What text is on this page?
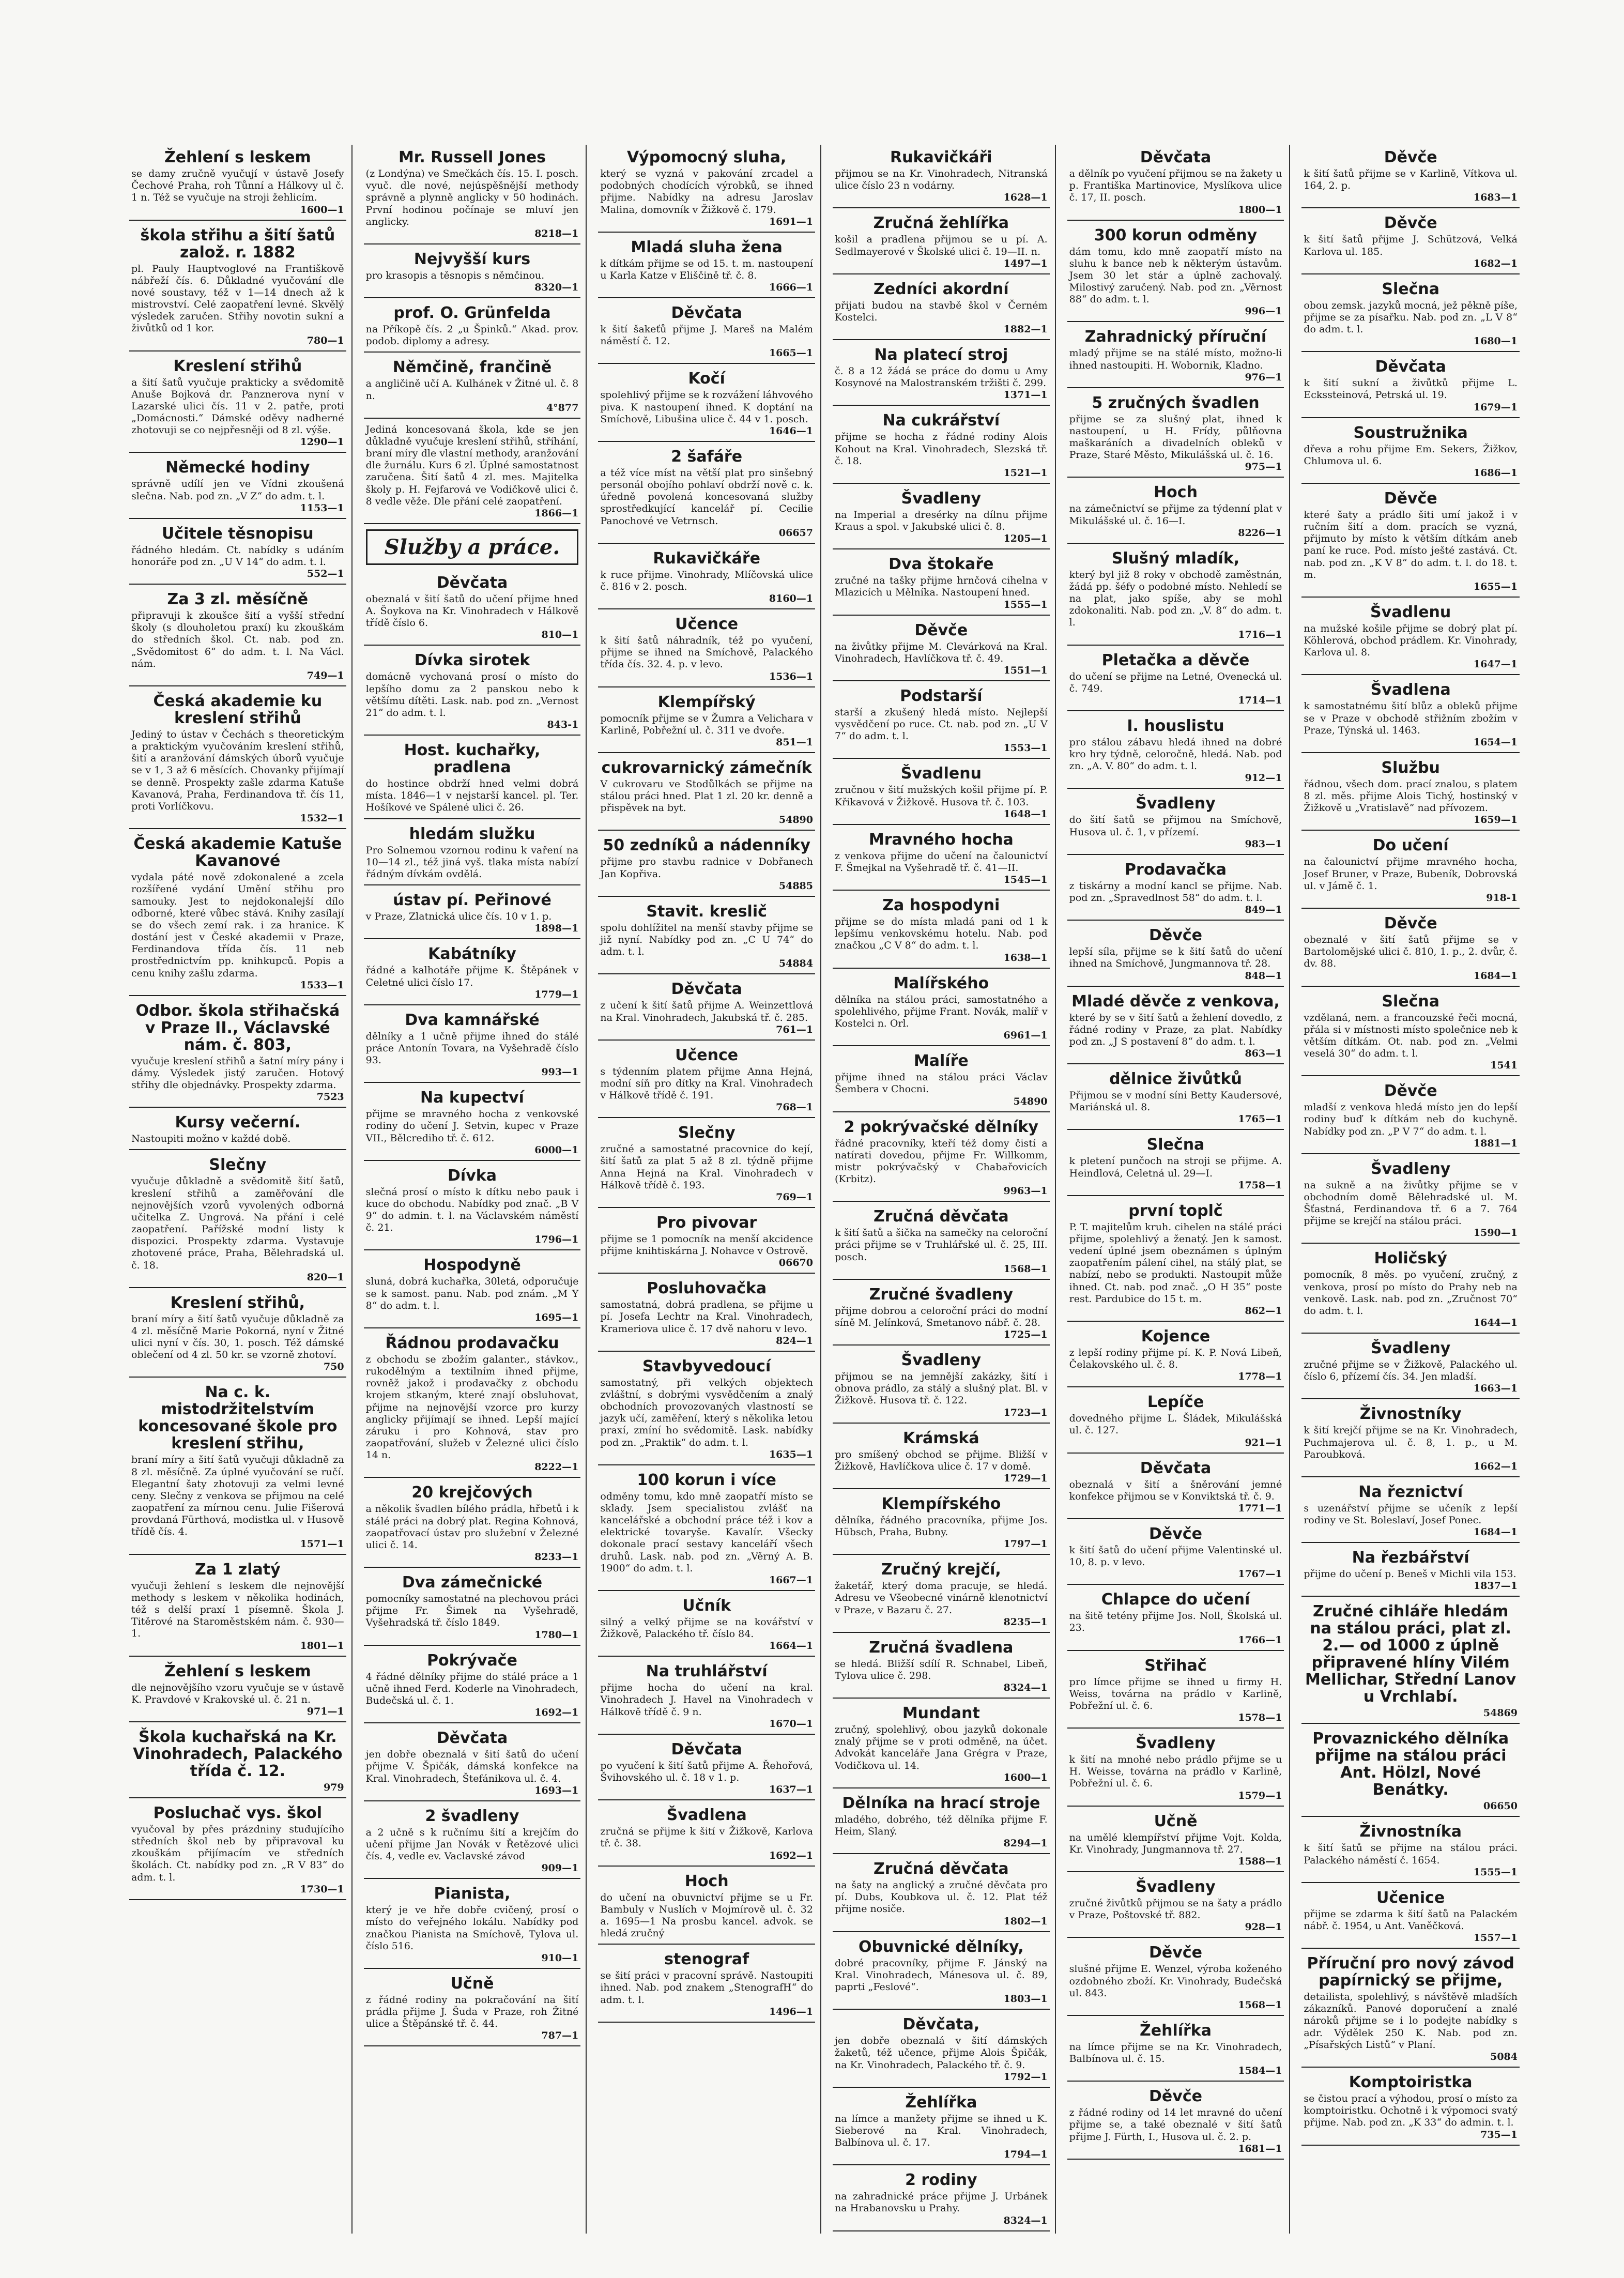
Žehlení s leskem
se damy zručně vyučují v ústavě Josefy Čechové Praha, roh Tůnní a Hálkovy ul č. 1 n. Též se vyučuje na stroji žehlicím.
1600—1
škola střihu a šití šatů založ. r. 1882
pl. Pauly Hauptvoglové na Františkově nábřeží čís. 6. Důkladné vyučování dle nové soustavy, též v 1—14 dnech až k mistrovství. Celé zaopatření levné. Skvělý výsledek zaručen. Střihy novotin sukní a živůtků od 1 kor.
780—1
Kreslení střihů
a šití šatů vyučuje prakticky a svědomitě Anuše Bojková dr. Panznerova nyní v Lazarské ulici čís. 11 v 2. patře, proti „Domácnosti.“ Dámské oděvy nadherné zhotovuji se co nejpřesněji od 8 zl. výše.
1290—1
Německé hodiny
správně udílí jen ve Vídni zkoušená slečna. Nab. pod zn. „V Z“ do adm. t. l.
1153—1
Učitele těsnopisu
řádného hledám. Ct. nabídky s udáním honoráře pod zn. „U V 14“ do adm. t. l.
552—1
Za 3 zl. měsíčně
připravuji k zkoušce šití a vyšší střední školy (s dlouholetou praxí) ku zkouškám do středních škol. Ct. nab. pod zn. „Svědomitost 6“ do adm. t. l. Na Václ. nám.
749—1
Česká akademie ku kreslení střihů
Jediný to ústav v Čechách s theoretickým a praktickým vyučováním kreslení střihů, šití a aranžování dámských úborů vyučuje se v 1, 3 až 6 měsících. Chovanky přijímají se denně. Prospekty zašle zdarma Katuše Kavanová, Praha, Ferdinandova tř. čís 11, proti Vorlíčkovu.
1532—1
Česká akademie Katuše Kavanové
vydala páté nově zdokonalené a zcela rozšířené vydání Umění střihu pro samouky. Jest to nejdokonalejší dílo odborné, které vůbec stává. Knihy zasílají se do všech zemí rak. i za hranice. K dostání jest v České akademii v Praze, Ferdinandova třída čís. 11 neb prostřednictvím pp. knihkupců. Popis a cenu knihy zašlu zdarma.
1533—1
Odbor. škola střihačská v Praze II., Václavské nám. č. 803,
vyučuje kreslení střihů a šatní míry pány i dámy. Výsledek jistý zaručen. Hotový střihy dle objednávky. Prospekty zdarma.
7523
Kursy večerní.
Nastoupiti možno v každé době.
Slečny
vyučuje důkladně a svědomitě šití šatů, kreslení střihů a zaměřování dle nejnovějších vzorů vyvolených odborná učitelka Z. Ungrová. Na přání i celé zaopatření. Pařížské modní listy k dispozici. Prospekty zdarma. Vystavuje zhotovené práce, Praha, Bělehradská ul. č. 18.
820—1
Kreslení střihů,
braní míry a šití šatů vyučuje důkladně za 4 zl. měsíčně Marie Pokorná, nyní v Žitné ulici nyní v čís. 30, 1. posch. Též dámské oblečení od 4 zl. 50 kr. se vzorně zhotoví.
750
Na c. k. mistodržitelstvím koncesované škole pro kreslení střihu,
braní míry a šití šatů vyučuji důkladně za 8 zl. měsíčně. Za úplné vyučování se ručí. Elegantní šaty zhotovuji za velmi levné ceny. Slečny z venkova se přijmou na celé zaopatření za mírnou cenu. Julie Fišerová provdaná Fürthová, modistka ul. v Husově třídě čís. 4.
1571—1
Za 1 zlatý
vyučuji žehlení s leskem dle nejnovější methody s leskem v několika hodinách, též s delší praxí 1 písemně. Škola J. Titěrové na Staroměstském nám. č. 930—1.
1801—1
Žehlení s leskem
dle nejnovějšího vzoru vyučuje se v ústavě K. Pravdové v Krakovské ul. č. 21 n.
971—1
Škola kuchařská na Kr. Vinohradech, Palackého třída č. 12.
979
Posluchač vys. škol
vyučoval by přes prázdniny studujícího středních škol neb by připravoval ku zkouškám přijímacím ve středních školách. Ct. nabídky pod zn. „R V 83“ do adm. t. l.
1730—1
Mr. Russell Jones
(z Londýna) ve Smečkách čís. 15. I. posch. vyuč. dle nové, nejúspěšnější methody správně a plynně anglicky v 50 hodinách. První hodinou počínaje se mluví jen anglicky.
8218—1
Nejvyšší kurs
pro krasopis a těsnopis s němčinou.
8320—1
prof. O. Grünfelda
na Příkopě čís. 2 „u Špinků.“ Akad. prov. podob. diplomy a adresy.
Němčině, frančině
a angličině učí A. Kulhánek v Žitné ul. č. 8 n.
4°877
Jediná koncesovaná škola, kde se jen důkladně vyučuje kreslení střihů, stříhání, braní míry dle vlastní methody, aranžování dle žurnálu. Kurs 6 zl. Úplné samostatnost zaručena. Šití šatů 4 zl. mes. Majitelka školy p. H. Fejfarová ve Vodičkově ulici č. 8 vedle věže. Dle přání celé zaopatření.
1866—1
Služby a práce.
Děvčata
obeznalá v šití šatů do učení přijme hned A. Šoykova na Kr. Vinohradech v Hálkově třídě číslo 6.
810—1
Dívka sirotek
domácně vychovaná prosí o místo do lepšího domu za 2 panskou nebo k většímu dítěti. Lask. nab. pod zn. „Vernost 21“ do adm. t. l.
843-1
Host. kuchařky, pradlena
do hostince obdrží hned velmi dobrá místa. 1846—1 v nejstarší kancel. pl. Ter. Hošíkové ve Spálené ulici č. 26.
hledám služku
Pro Solnemou vzornou rodinu k vaření na 10—14 zl., též jiná vyš. tlaka místa nabízí řádným dívkám ovdělá.
ústav pí. Peřinové
v Praze, Zlatnická ulice čís. 10 v 1. p.
1898—1
Kabátníky
řádné a kalhotáře přijme K. Štěpánek v Celetné ulici číslo 17.
1779—1
Dva kamnářské
dělníky a 1 učně přijme ihned do stálé práce Antonín Tovara, na Vyšehradě číslo 93.
993—1
Na kupectví
přijme se mravného hocha z venkovské rodiny do učení J. Setvin, kupec v Praze VII., Bělcrediho tř. č. 612.
6000—1
Dívka
slečná prosí o místo k dítku nebo pauk i kuce do obchodu. Nabídky pod znač. „B V 9“ do admin. t. l. na Václavském náměstí č. 21.
1796—1
Hospodyně
sluná, dobrá kuchařka, 30letá, odporučuje se k samost. panu. Nab. pod znám. „M Y 8“ do adm. t. l.
1695—1
Řádnou prodavačku
z obchodu se zbožím galanter., stávkov., rukodělným a textilním ihned přijme, rovněž jakož i prodavačky z obchodu krojem stkaným, které znají obsluhovat, přijme na nejnovější vzorce pro kurzy anglicky přijímají se ihned. Lepší mající záruku i pro Kohnová, stav pro zaopatřování, služeb v Železné ulici číslo 14 n.
8222—1
20 krejčových
a několik švadlen bílého prádla, hřbetů i k stálé práci na dobrý plat. Regina Kohnová, zaopatřovací ústav pro služební v Železné ulici č. 14.
8233—1
Dva zámečnické
pomocníky samostatné na plechovou práci přijme Fr. Šimek na Vyšehradě, Vyšehradská tř. číslo 1849.
1780—1
Pokrývače
4 řádné dělníky přijme do stálé práce a 1 učně ihned Ferd. Koderle na Vinohradech, Budečská ul. č. 1.
1692—1
Děvčata
jen dobře obeznalá v šití šatů do učení přijme V. Špičák, dámská konfekce na Kral. Vinohradech, Štefánikova ul. č. 4.
1693—1
2 švadleny
a 2 učně s k ručnímu šití a krejčím do učení přijme Jan Novák v Řetězové ulici čís. 4, vedle ev. Vaclavské závod
909—1
Pianista,
který je ve hře dobře cvičený, prosí o místo do veřejného lokálu. Nabídky pod značkou Pianista na Smíchově, Tylova ul. číslo 516.
910—1
Učně
z řádné rodiny na pokračování na šití prádla přijme J. Šuda v Praze, roh Žitné ulice a Štěpánské tř. č. 44.
787—1
Výpomocný sluha,
který se vyzná v pakování zrcadel a podobných chodících výrobků, se ihned přijme. Nabídky na adresu Jaroslav Malina, domovník v Žižkově č. 179.
1691—1
Mladá sluha žena
k dítkám přijme se od 15. t. m. nastoupení u Karla Katze v Eliščině tř. č. 8.
1666—1
Děvčata
k šití šakeťů přijme J. Mareš na Malém náměstí č. 12.
1665—1
Kočí
spolehlivý přijme se k rozvážení láhvového piva. K nastoupení ihned. K doptání na Smíchově, Libušina ulice č. 44 v 1. posch.
1646—1
2 šafáře
a též více míst na větší plat pro sinšebný personál obojího pohlaví obdrží nově c. k. úředně povolená koncesovaná služby sprostředkující kancelář pí. Cecilie Panochové ve Vetrnsch.
06657
Rukavičkáře
k ruce přijme. Vinohrady, Mlíčovská ulice č. 816 v 2. posch.
8160—1
Učence
k šití šatů náhradník, též po vyučení, přijme se ihned na Smíchově, Palackého třída čís. 32. 4. p. v levo.
1536—1
Klempířský
pomocník přijme se v Žumra a Velichara v Karlině, Pobřežní ul. č. 311 ve dvoře.
851—1
cukrovarnický zámečník
V cukrovaru ve Stodůlkách se přijme na stálou práci hned. Plat 1 zl. 20 kr. denně a přispěvek na byt.
54890
50 zedníků a nádenníky
přijme pro stavbu radnice v Dobřanech Jan Kopřiva.
54885
Stavit. kreslič
spolu dohlížitel na menší stavby přijme se již nyní. Nabídky pod zn. „C U 74“ do adm. t. l.
54884
Děvčata
z učení k šití šatů přijme A. Weinzettlová na Kral. Vinohradech, Jakubská tř. č. 285.
761—1
Učence
s týdenním platem přijme Anna Hejná, modní síň pro dítky na Kral. Vinohradech v Hálkově třídě č. 191.
768—1
Slečny
zručné a samostatné pracovnice do kejí, šití šatů za plat 5 až 8 zl. týdně přijme Anna Hejná na Kral. Vinohradech v Hálkově třídě č. 193.
769—1
Pro pivovar
přijme se 1 pomocník na menší akcidence přijme knihtiskárna J. Nohavce v Ostrově.
06670
Posluhovačka
samostatná, dobrá pradlena, se přijme u pí. Josefa Lechtr na Kral. Vinohradech, Krameriova ulice č. 17 dvě nahoru v levo.
824—1
Stavbyvedoucí
samostatný, při velkých objektech zvláštní, s dobrými vysvědčením a znalý obchodních provozovaných vlastností se jazyk učí, zaměření, který s několika letou praxí, zmíní ho svědomitě. Lask. nabídky pod zn. „Praktik“ do adm. t. l.
1635—1
100 korun i více
odměny tomu, kdo mně zaopatří místo se sklady. Jsem specialistou zvlášť na kancelářské a obchodní práce též i kov a elektrické tovaryše. Kavalír. Všecky dokonale prací sestavy kanceláří všech druhů. Lask. nab. pod zn. „Věrný A. B. 1900“ do adm. t. l.
1667—1
Učník
silný a velký přijme se na kovářství v Žižkově, Palackého tř. číslo 84.
1664—1
Na truhlářství
přijme hocha do učení na kral. Vinohradech J. Havel na Vinohradech v Hálkově třídě č. 9 n.
1670—1
Děvčata
po vyučení k šití šatů přijme A. Řehořová, Švihovského ul. č. 18 v 1. p.
1637—1
Švadlena
zručná se přijme k šití v Žižkově, Karlova tř. č. 38.
1692—1
Hoch
do učení na obuvnictví přijme se u Fr. Bambuly v Nuslích v Mojmírově ul. č. 32 a. 1695—1 Na prosbu kancel. advok. se hledá zručný
stenograf
se šití práci v pracovní správě. Nastoupiti ihned. Nab. pod znakem „StenografH“ do adm. t. l.
1496—1
Rukavičkáři
přijmou se na Kr. Vinohradech, Nitranská ulice číslo 23 n vodárny.
1628—1
Zručná žehlířka
košil a pradlena přijmou se u pí. A. Sedlmayerové v Školské ulici č. 19—II. n.
1497—1
Zedníci akordní
přijati budou na stavbě škol v Černém Kostelci.
1882—1
Na platecí stroj
č. 8 a 12 žádá se práce do domu u Amy Kosynové na Malostranském tržišti č. 299.
1371—1
Na cukrářství
přijme se hocha z řádné rodiny Alois Kohout na Kral. Vinohradech, Slezská tř. č. 18.
1521—1
Švadleny
na Imperial a dresérky na dílnu přijme Kraus a spol. v Jakubské ulici č. 8.
1205—1
Dva štokaře
zručné na tašky přijme hrnčová cihelna v Mlazicích u Mělníka. Nastoupení hned.
1555—1
Děvče
na živůtky přijme M. Clevárková na Kral. Vinohradech, Havlíčkova tř. č. 49.
1551—1
Podstarší
starší a zkušený hledá místo. Nejlepší vysvědčení po ruce. Ct. nab. pod zn. „U V 7“ do adm. t. l.
1553—1
Švadlenu
zručnou v šití mužských košil přijme pí. P. Křikavová v Žižkově. Husova tř. č. 103.
1648—1
Mravného hocha
z venkova přijme do učení na čalounictví F. Šmejkal na Vyšehradě tř. č. 41—II.
1545—1
Za hospodyni
přijme se do místa mladá pani od 1 k lepšímu venkovskému hotelu. Nab. pod značkou „C V 8“ do adm. t. l.
1638—1
Malířského
dělníka na stálou práci, samostatného a spolehlivého, přijme Frant. Novák, malíř v Kostelci n. Orl.
6961—1
Malíře
přijme ihned na stálou práci Václav Šembera v Chocni.
54890
2 pokrývačské dělníky
řádné pracovníky, kteří též domy čistí a natírati dovedou, přijme Fr. Willkomm, mistr pokrývačský v Chabařovicích (Krbitz).
9963—1
Zručná děvčata
k šití šatů a šička na samečky na celoroční práci přijme se v Truhlářské ul. č. 25, III. posch.
1568—1
Zručné švadleny
přijme dobrou a celoroční práci do modní síně M. Jelínková, Smetanovo nábř. č. 28.
1725—1
Švadleny
přijmou se na jemnější zakázky, šití i obnova prádlo, za stálý a slušný plat. Bl. v Žižkově. Husova tř. č. 122.
1723—1
Krámská
pro smíšený obchod se přijme. Bližší v Žižkově, Havlíčkova ulice č. 17 v domě.
1729—1
Klempířského
dělníka, řádného pracovníka, přijme Jos. Hübsch, Praha, Bubny.
1797—1
Zručný krejčí,
žaketář, který doma pracuje, se hledá. Adresu ve Všeobecné vinárně klenotnictví v Praze, v Bazaru č. 27.
8235—1
Zručná švadlena
se hledá. Bližší sdílí R. Schnabel, Libeň, Tylova ulice č. 298.
8324—1
Mundant
zručný, spolehlivý, obou jazyků dokonale znalý přijme se v proti odměně, na účet. Advokát kanceláře Jana Grégra v Praze, Vodičkova ul. 14.
1600—1
Dělníka na hrací stroje
mladého, dobrého, též dělníka přijme F. Heim, Slaný.
8294—1
Zručná děvčata
na šaty na anglický a zručné děvčata pro pí. Dubs, Koubkova ul. č. 12. Plat též přijme nosiče.
1802—1
Obuvnické dělníky,
dobré pracovníky, přijme F. Jánský na Kral. Vinohradech, Mánesova ul. č. 89, paprti „Feslové“.
1803—1
Děvčata,
jen dobře obeznalá v šití dámských žaketů, též učence, přijme Alois Špičák, na Kr. Vinohradech, Palackého tř. č. 9.
1792—1
Žehlířka
na límce a manžety přijme se ihned u K. Sieberové na Kral. Vinohradech, Balbínova ul. č. 17.
1794—1
2 rodiny
na zahradnické práce přijme J. Urbánek na Hrabanovsku u Prahy.
8324—1
Děvčata
a dělník po vyučení přijmou se na žakety u p. Františka Martinovice, Myslíkova ulice č. 17, II. posch.
1800—1
300 korun odměny
dám tomu, kdo mně zaopatří místo na sluhu k bance neb k některým ústavům. Jsem 30 let stár a úplně zachovalý. Milostivý zaručený. Nab. pod zn. „Věrnost 88“ do adm. t. l.
996—1
Zahradnický příruční
mladý přijme se na stálé místo, možno-li ihned nastoupiti. H. Wobornik, Kladno.
976—1
5 zručných švadlen
přijme se za slušný plat, ihned k nastoupení, u H. Frídy, půlňovna maškaráních a divadelních obleků v Praze, Staré Město, Mikulášská ul. č. 16.
975—1
Hoch
na zámečnictví se přijme za týdenní plat v Mikulášské ul. č. 16—I.
8226—1
Slušný mladík,
který byl již 8 roky v obchodě zaměstnán, žádá pp. šéfy o podobné místo. Nehledí se na plat, jako spíše, aby se mohl zdokonaliti. Nab. pod zn. „V. 8“ do adm. t. l.
1716—1
Pletačka a děvče
do učení se přijme na Letné, Ovenecká ul. č. 749.
1714—1
I. houslistu
pro stálou zábavu hledá ihned na dobré kro hry týdně, celoročně, hledá. Nab. pod zn. „A. V. 80“ do adm. t. l.
912—1
Švadleny
do šití šatů se přijmou na Smíchově, Husova ul. č. 1, v přízemí.
983—1
Prodavačka
z tiskárny a modní kancl se přijme. Nab. pod zn. „Spravedlnost 58“ do adm. t. l.
849—1
Děvče
lepší síla, přijme se k šití šatů do učení ihned na Smíchově, Jungmannova tř. 28.
848—1
Mladé děvče z venkova,
které by se v šití šatů a žehlení dovedlo, z řádné rodiny v Praze, za plat. Nabídky pod zn. „J S postavení 8“ do adm. t. l.
863—1
dělnice živůtků
Přijmou se v modní síni Betty Kaudersové, Mariánská ul. 8.
1765—1
Slečna
k pletení punčoch na stroji se přijme. A. Heindlová, Celetná ul. 29—I.
1758—1
první toplč
P. T. majitelům kruh. cihelen na stálé práci přijme, spolehlivý a ženatý. Jen k samost. vedení úplné jsem obeznámen s úplným zaopatřením pálení cihel, na stálý plat, se nabízí, nebo se produkti. Nastoupit může ihned. Ct. nab. pod znač. „O H 35“ poste rest. Pardubice do 15 t. m.
862—1
Kojence
z lepší rodiny přijme pí. K. P. Nová Libeň, Čelakovského ul. č. 8.
1778—1
Lepíče
dovedného přijme L. Šládek, Mikulášská ul. č. 127.
921—1
Děvčata
obeznalá v šití a šněrování jemné konfekce přijmou se v Konviktská tř. č. 9.
1771—1
Děvče
k šití šatů do učení přijme Valentinské ul. 10, 8. p. v levo.
1767—1
Chlapce do učení
na šitě tetény přijme Jos. Noll, Školská ul. 23.
1766—1
Střihač
pro límce přijme se ihned u firmy H. Weiss, továrna na prádlo v Karlině, Pobřežní ul. č. 6.
1578—1
Švadleny
k šití na mnohé nebo prádlo přijme se u H. Weisse, továrna na prádlo v Karlině, Pobřežní ul. č. 6.
1579—1
Učně
na umělé klempířství přijme Vojt. Kolda, Kr. Vinohrady, Jungmannova tř. 27.
1588—1
Švadleny
zručné živůtků přijmou se na šaty a prádlo v Praze, Poštovské tř. 882.
928—1
Děvče
slušné přijme E. Wenzel, výroba koženého ozdobného zboží. Kr. Vinohrady, Budečská ul. 843.
1568—1
Žehlířka
na límce přijme se na Kr. Vinohradech, Balbínova ul. č. 15.
1584—1
Děvče
z řádné rodiny od 14 let mravné do učení přijme se, a také obeznalé v šití šatů přijme J. Fürth, I., Husova ul. č. 2. p.
1681—1
Děvče
k šití šatů přijme se v Karlině, Vítkova ul. 164, 2. p.
1683—1
Děvče
k šití šatů přijme J. Schützová, Velká Karlova ul. 185.
1682—1
Slečna
obou zemsk. jazyků mocná, jež pěkně píše, přijme se za písařku. Nab. pod zn. „L V 8“ do adm. t. l.
1680—1
Děvčata
k šití sukní a živůtků přijme L. Eckssteinová, Petrská ul. 19.
1679—1
Soustružnika
dřeva a rohu přijme Em. Sekers, Žižkov, Chlumova ul. 6.
1686—1
Děvče
které šaty a prádlo šiti umí jakož i v ručním šití a dom. pracích se vyzná, přijmuto by místo k větším dítkám aneb paní ke ruce. Pod. místo ješté zastává. Ct. nab. pod zn. „K V 8“ do adm. t. l. do 18. t. m.
1655—1
Švadlenu
na mužské košile přijme se dobrý plat pí. Köhlerová, obchod prádlem. Kr. Vinohrady, Karlova ul. 8.
1647—1
Švadlena
k samostatnému šití blůz a obleků přijme se v Praze v obchodě střižním zbožím v Praze, Týnská ul. 1463.
1654—1
Službu
řádnou, všech dom. prací znalou, s platem 8 zl. měs. přijme Alois Tichý, hostinský v Žižkově u „Vratislavě“ nad přívozem.
1659—1
Do učení
na čalounictví přijme mravného hocha, Josef Bruner, v Praze, Bubeník, Dobrovská ul. v Jámě č. 1.
918-1
Děvče
obeznalé v šití šatů přijme se v Bartolomějské ulici č. 810, 1. p., 2. dvůr, č. dv. 88.
1684—1
Slečna
vzdělaná, nem. a francouzské řeči mocná, přála si v místnosti místo společnice neb k větším dítkám. Ot. nab. pod zn. „Velmi veselá 30“ do adm. t. l.
1541
Děvče
mladší z venkova hledá místo jen do lepší rodiny buď k dítkám neb do kuchyně. Nabídky pod zn. „P V 7“ do adm. t. l.
1881—1
Švadleny
na sukně a na živůtky přijme se v obchodním domě Bělehradské ul. M. Šťastná, Ferdinandova tř. 6 a 7. 764 přijme se krejčí na stálou práci.
1590—1
Holičský
pomocník, 8 měs. po vyučení, zručný, z venkova, prosí po místo do Prahy neb na venkově. Lask. nab. pod zn. „Zručnost 70“ do adm. t. l.
1644—1
Švadleny
zručné přijme se v Žižkově, Palackého ul. číslo 6, přízemí čís. 34. Jen mladší.
1663—1
Živnostníky
k šití krejčí přijme se na Kr. Vinohradech, Puchmajerova ul. č. 8, 1. p., u M. Paroubková.
1662—1
Na řeznictví
s uzenářství přijme se učeník z lepší rodiny ve St. Boleslaví, Josef Ponec.
1684—1
Na řezbářství
přijme do učení p. Beneš v Michli vila 153.
1837—1
Zručné cihláře hledám na stálou práci, plat zl. 2.— od 1000 z úplně připravené hlíny Vilém Mellichar, Střední Lanov u Vrchlabí.
54869
Provaznického dělníka přijme na stálou práci Ant. Hölzl, Nové Benátky.
06650
Živnostníka
k šití šatů se přijme na stálou práci. Palackého náměstí č. 1654.
1555—1
Učenice
přijme se zdarma k šití šatů na Palackém nábř. č. 1954, u Ant. Vaněčková.
1557—1
Příruční pro nový závod papírnický se přijme,
detailista, spolehlivý, s návštěvě mladších zákazníků. Panové doporučení a znalé nároků přijme se i lo podejte nabídky s adr. Výdělek 250 K. Nab. pod zn. „Písařských Listů“ v Planí.
5084
Komptoiristka
se čistou prací a výhodou, prosí o místo za komptoiristku. Ochotně i k výpomoci svatý přijme. Nab. pod zn. „K 33“ do admin. t. l.
735—1
